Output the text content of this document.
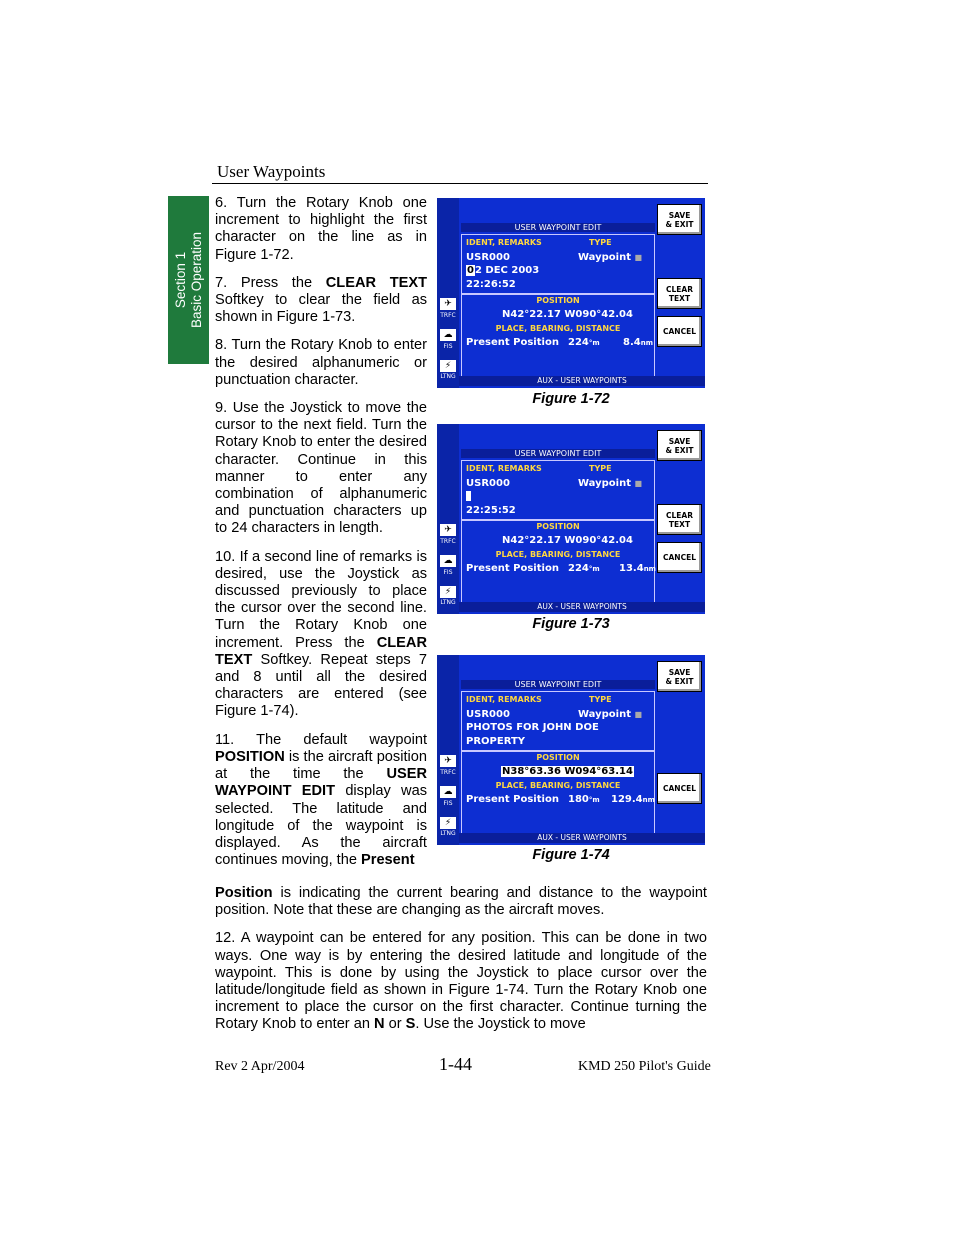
User Waypoints
Section 1 Basic Operation

6. Turn the Rotary Knob one increment to highlight the first character on the line as in Figure 1-72.

7. Press the CLEAR TEXT Softkey to clear the field as shown in Figure 1-73.

8. Turn the Rotary Knob to enter the desired alphanumeric or punctuation character.

9. Use the Joystick to move the cursor to the next field. Turn the Rotary Knob to enter the desired character. Continue in this manner to enter any combination of alphanumeric and punctuation characters up to 24 characters in length.

10. If a second line of remarks is desired, use the Joystick as discussed previously to place the cursor over the second line. Turn the Rotary Knob one increment. Press the CLEAR TEXT Softkey. Repeat steps 7 and 8 until all the desired characters are entered (see Figure 1-74).

11. The default waypoint POSITION is the aircraft position at the time the USER WAYPOINT EDIT display was selected. The latitude and longitude of the waypoint is displayed. As the aircraft continues moving, the Present

Position is indicating the current bearing and distance to the waypoint position. Note that these are changing as the aircraft moves.

12. A waypoint can be entered for any position. This can be done in two ways. One way is by entering the desired latitude and longitude of the waypoint. This is done by using the Joystick to place cursor over the latitude/longitude field as shown in Figure 1-74. Turn the Rotary Knob one increment to place the cursor on the first character. Continue turning the Rotary Knob to enter an N or S. Use the Joystick to move

✈
TRFC
☁
FIS
⚡
LTNG
USER WAYPOINT EDIT
IDENT, REMARKS	TYPE
USR000	Waypoint ■
02 DEC 2003
22:26:52
POSITION
N42°22.17 W090°42.04
PLACE, BEARING, DISTANCE
Present Position 224°m 8.4nm
SAVE
& EXIT
CLEAR
TEXT
CANCEL
AUX - USER WAYPOINTS
Figure 1-72
✈
TRFC
☁
FIS
⚡
LTNG
USER WAYPOINT EDIT
IDENT, REMARKS	TYPE
USR000	Waypoint ■
22:25:52
POSITION
N42°22.17 W090°42.04
PLACE, BEARING, DISTANCE
Present Position 224°m 13.4nm
SAVE
& EXIT
CLEAR
TEXT
CANCEL
AUX - USER WAYPOINTS
Figure 1-73
✈
TRFC
☁
FIS
⚡
LTNG
USER WAYPOINT EDIT
IDENT, REMARKS	TYPE
USR000	Waypoint ■
PHOTOS FOR JOHN DOE
PROPERTY
POSITION
N38°63.36 W094°63.14
PLACE, BEARING, DISTANCE
Present Position 180°m 129.4nm
SAVE
& EXIT
CANCEL
AUX - USER WAYPOINTS
Figure 1-74
Rev 2 Apr/2004	1-44	KMD 250 Pilot's Guide
